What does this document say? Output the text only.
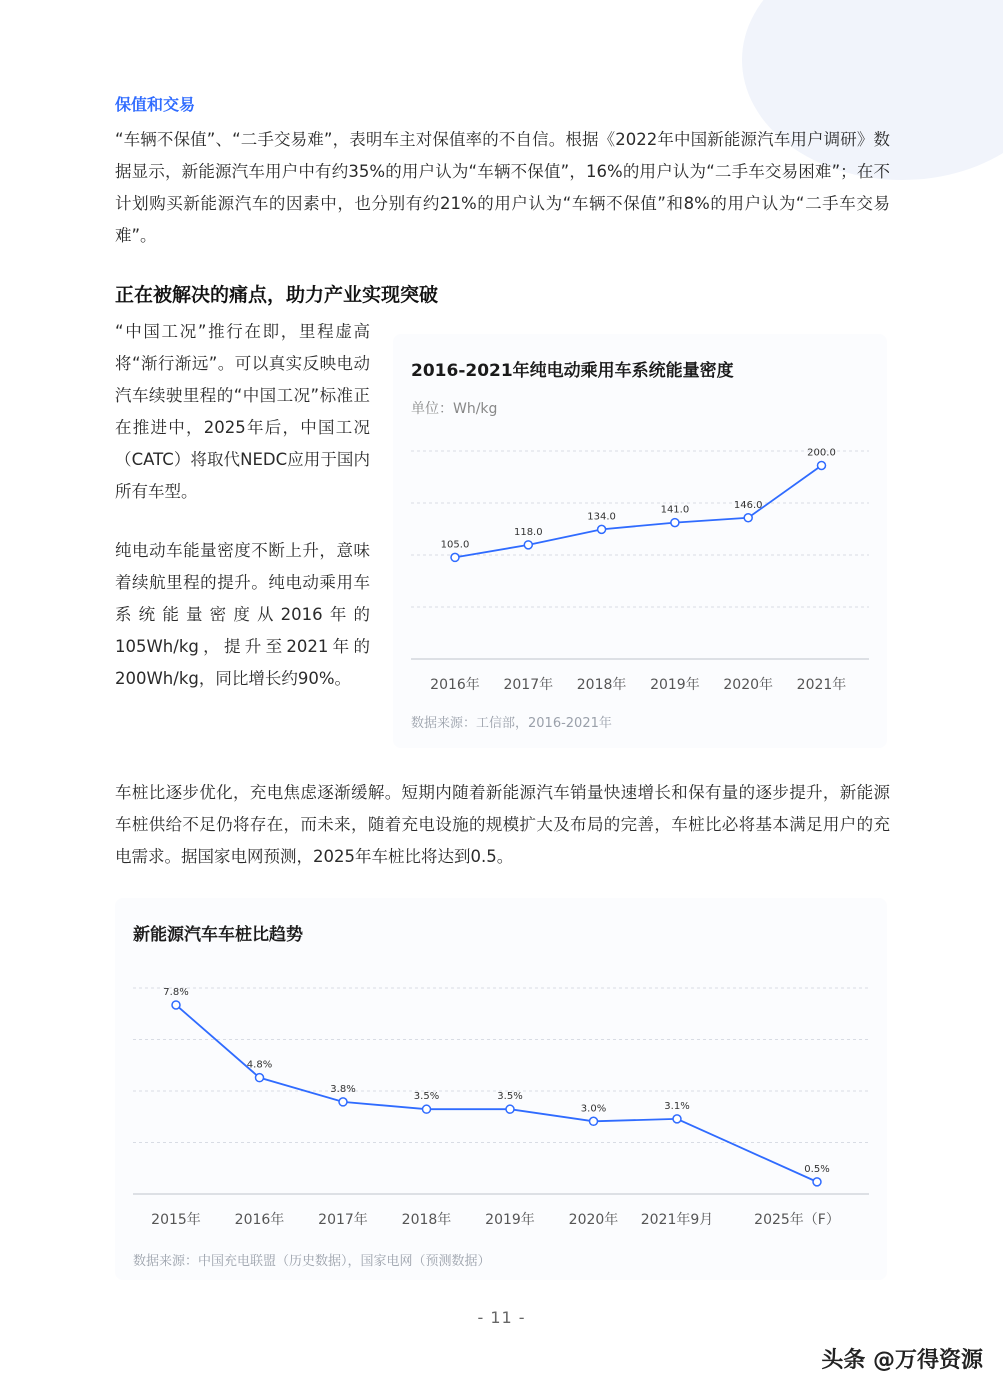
保值和交易

“车辆不保值”、“二手交易难”，表明车主对保值率的不自信。根据《2022年中国新能源汽车用户调研》数据显示，新能源汽车用户中有约35%的用户认为“车辆不保值”，16%的用户认为“二手车交易困难”；在不计划购买新能源汽车的因素中，也分别有约21%的用户认为“车辆不保值”和8%的用户认为“二手车交易难”。

正在被解决的痛点，助力产业实现突破

“中国工况”推行在即，里程虚高将“渐行渐远”。可以真实反映电动汽车续驶里程的“中国工况”标准正在推进中，2025年后，中国工况（CATC）将取代NEDC应用于国内所有车型。

纯电动车能量密度不断上升，意味着续航里程的提升。纯电动乘用车系统能量密度从2016年的105Wh/kg，提升至2021年的200Wh/kg，同比增长约90%。

2016-2021年纯电动乘用车系统能量密度
单位：Wh/kg
105.0
2016年
118.0
2017年
134.0
2018年
141.0
2019年
146.0
2020年
200.0
2021年
数据来源：工信部，2016-2021年

车桩比逐步优化，充电焦虑逐渐缓解。短期内随着新能源汽车销量快速增长和保有量的逐步提升，新能源车桩供给不足仍将存在，而未来，随着充电设施的规模扩大及布局的完善，车桩比必将基本满足用户的充电需求。据国家电网预测，2025年车桩比将达到0.5。

新能源汽车车桩比趋势
7.8%
2015年
4.8%
2016年
3.8%
2017年
3.5%
2018年
3.5%
2019年
3.0%
2020年
3.1%
2021年9月
0.5%
2025年（F）
数据来源：中国充电联盟（历史数据），国家电网（预测数据）
- 11 -
头条 @万得资源
